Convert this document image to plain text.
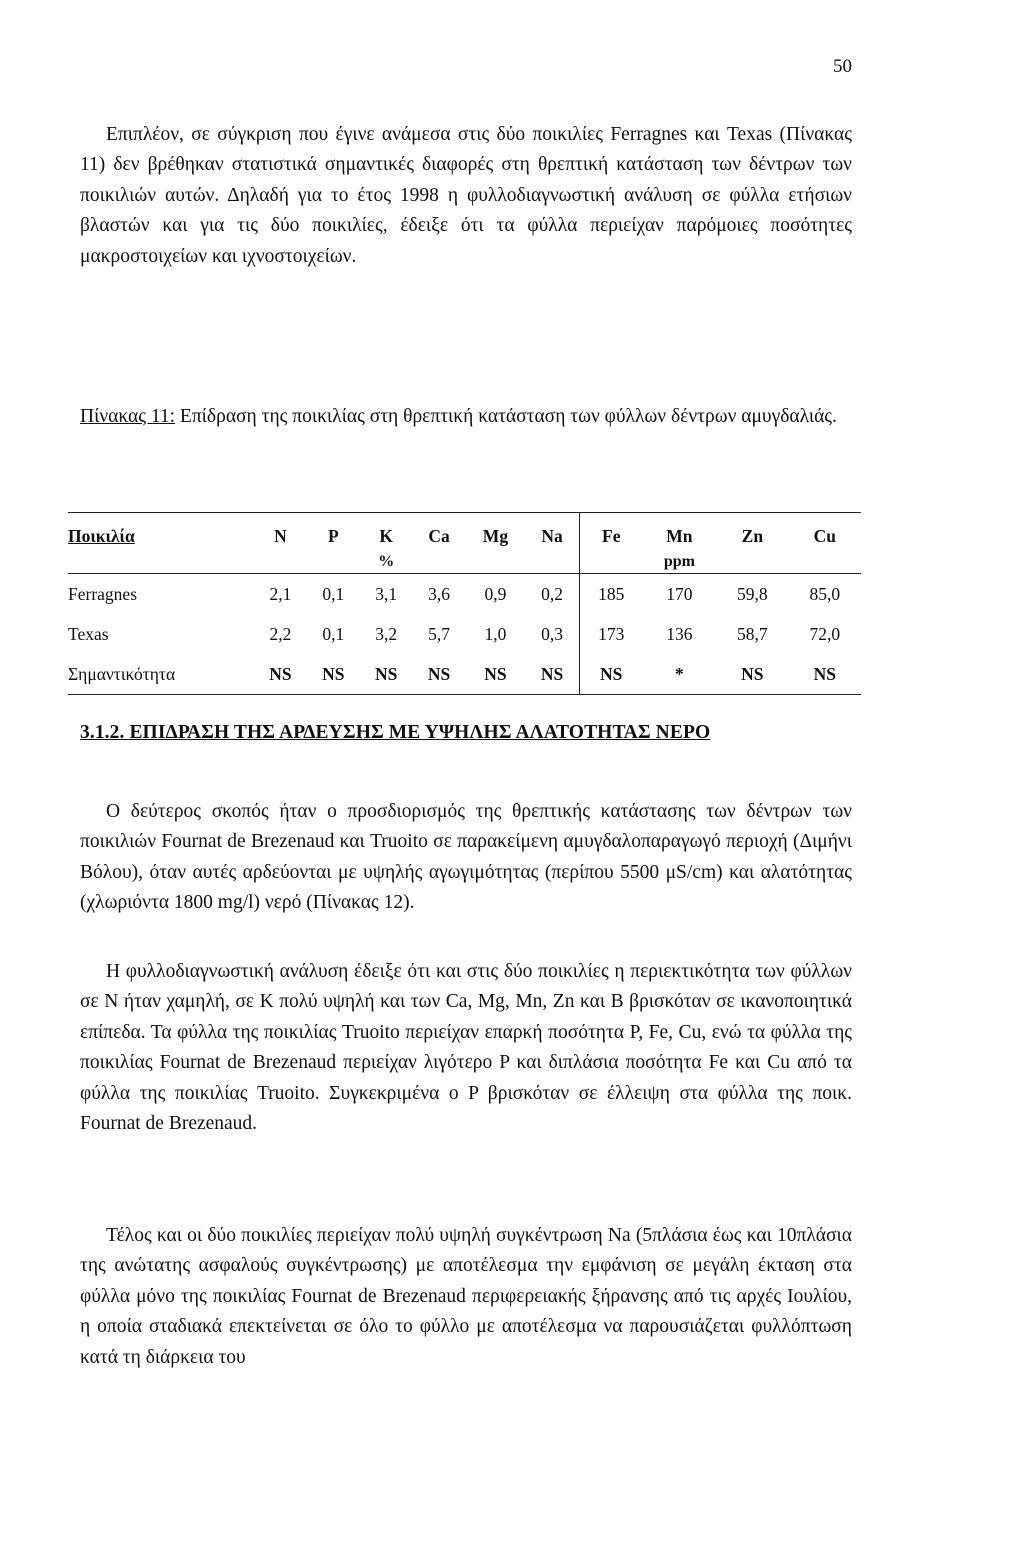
50

Επιπλέον, σε σύγκριση που έγινε ανάμεσα στις δύο ποικιλίες Ferragnes και Texas (Πίνακας 11) δεν βρέθηκαν στατιστικά σημαντικές διαφορές στη θρεπτική κατάσταση των δέντρων των ποικιλιών αυτών. Δηλαδή για το έτος 1998 η φυλλοδιαγνωστική ανάλυση σε φύλλα ετήσιων βλαστών και για τις δύο ποικιλίες, έδειξε ότι τα φύλλα περιείχαν παρόμοιες ποσότητες μακροστοιχείων και ιχνοστοιχείων.

Πίνακας 11: Επίδραση της ποικιλίας στη θρεπτική κατάσταση των φύλλων δέντρων αμυγδαλιάς.

Ποικιλία	N	P	K	Ca	Mg	Na	Fe	Mn	Zn	Cu
			%					ppm		
Ferragnes	2,1	0,1	3,1	3,6	0,9	0,2	185	170	59,8	85,0
Texas	2,2	0,1	3,2	5,7	1,0	0,3	173	136	58,7	72,0
Σημαντικότητα	NS	NS	NS	NS	NS	NS	NS	*	NS	NS
3.1.2. ΕΠΙΔΡΑΣΗ ΤΗΣ ΑΡΔΕΥΣΗΣ ΜΕ ΥΨΗΛΗΣ ΑΛΑΤΟΤΗΤΑΣ ΝΕΡΟ

Ο δεύτερος σκοπός ήταν ο προσδιορισμός της θρεπτικής κατάστασης των δέντρων των ποικιλιών Fournat de Brezenaud και Truoito σε παρακείμενη αμυγδαλοπαραγωγό περιοχή (Διμήνι Βόλου), όταν αυτές αρδεύονται με υψηλής αγωγιμότητας (περίπου 5500 μS/cm) και αλατότητας (χλωριόντα 1800 mg/l) νερό (Πίνακας 12).

Η φυλλοδιαγνωστική ανάλυση έδειξε ότι και στις δύο ποικιλίες η περιεκτικότητα των φύλλων σε Ν ήταν χαμηλή, σε Κ πολύ υψηλή και των Ca, Mg, Mn, Zn και B βρισκόταν σε ικανοποιητικά επίπεδα. Τα φύλλα της ποικιλίας Truoito περιείχαν επαρκή ποσότητα P, Fe, Cu, ενώ τα φύλλα της ποικιλίας Fournat de Brezenaud περιείχαν λιγότερο P και διπλάσια ποσότητα Fe και Cu από τα φύλλα της ποικιλίας Truoito. Συγκεκριμένα ο P βρισκόταν σε έλλειψη στα φύλλα της ποικ. Fournat de Brezenaud.

Τέλος και οι δύο ποικιλίες περιείχαν πολύ υψηλή συγκέντρωση Na (5πλάσια έως και 10πλάσια της ανώτατης ασφαλούς συγκέντρωσης) με αποτέλεσμα την εμφάνιση σε μεγάλη έκταση στα φύλλα μόνο της ποικιλίας Fournat de Brezenaud περιφερειακής ξήρανσης από τις αρχές Ιουλίου, η οποία σταδιακά επεκτείνεται σε όλο το φύλλο με αποτέλεσμα να παρουσιάζεται φυλλόπτωση κατά τη διάρκεια του
